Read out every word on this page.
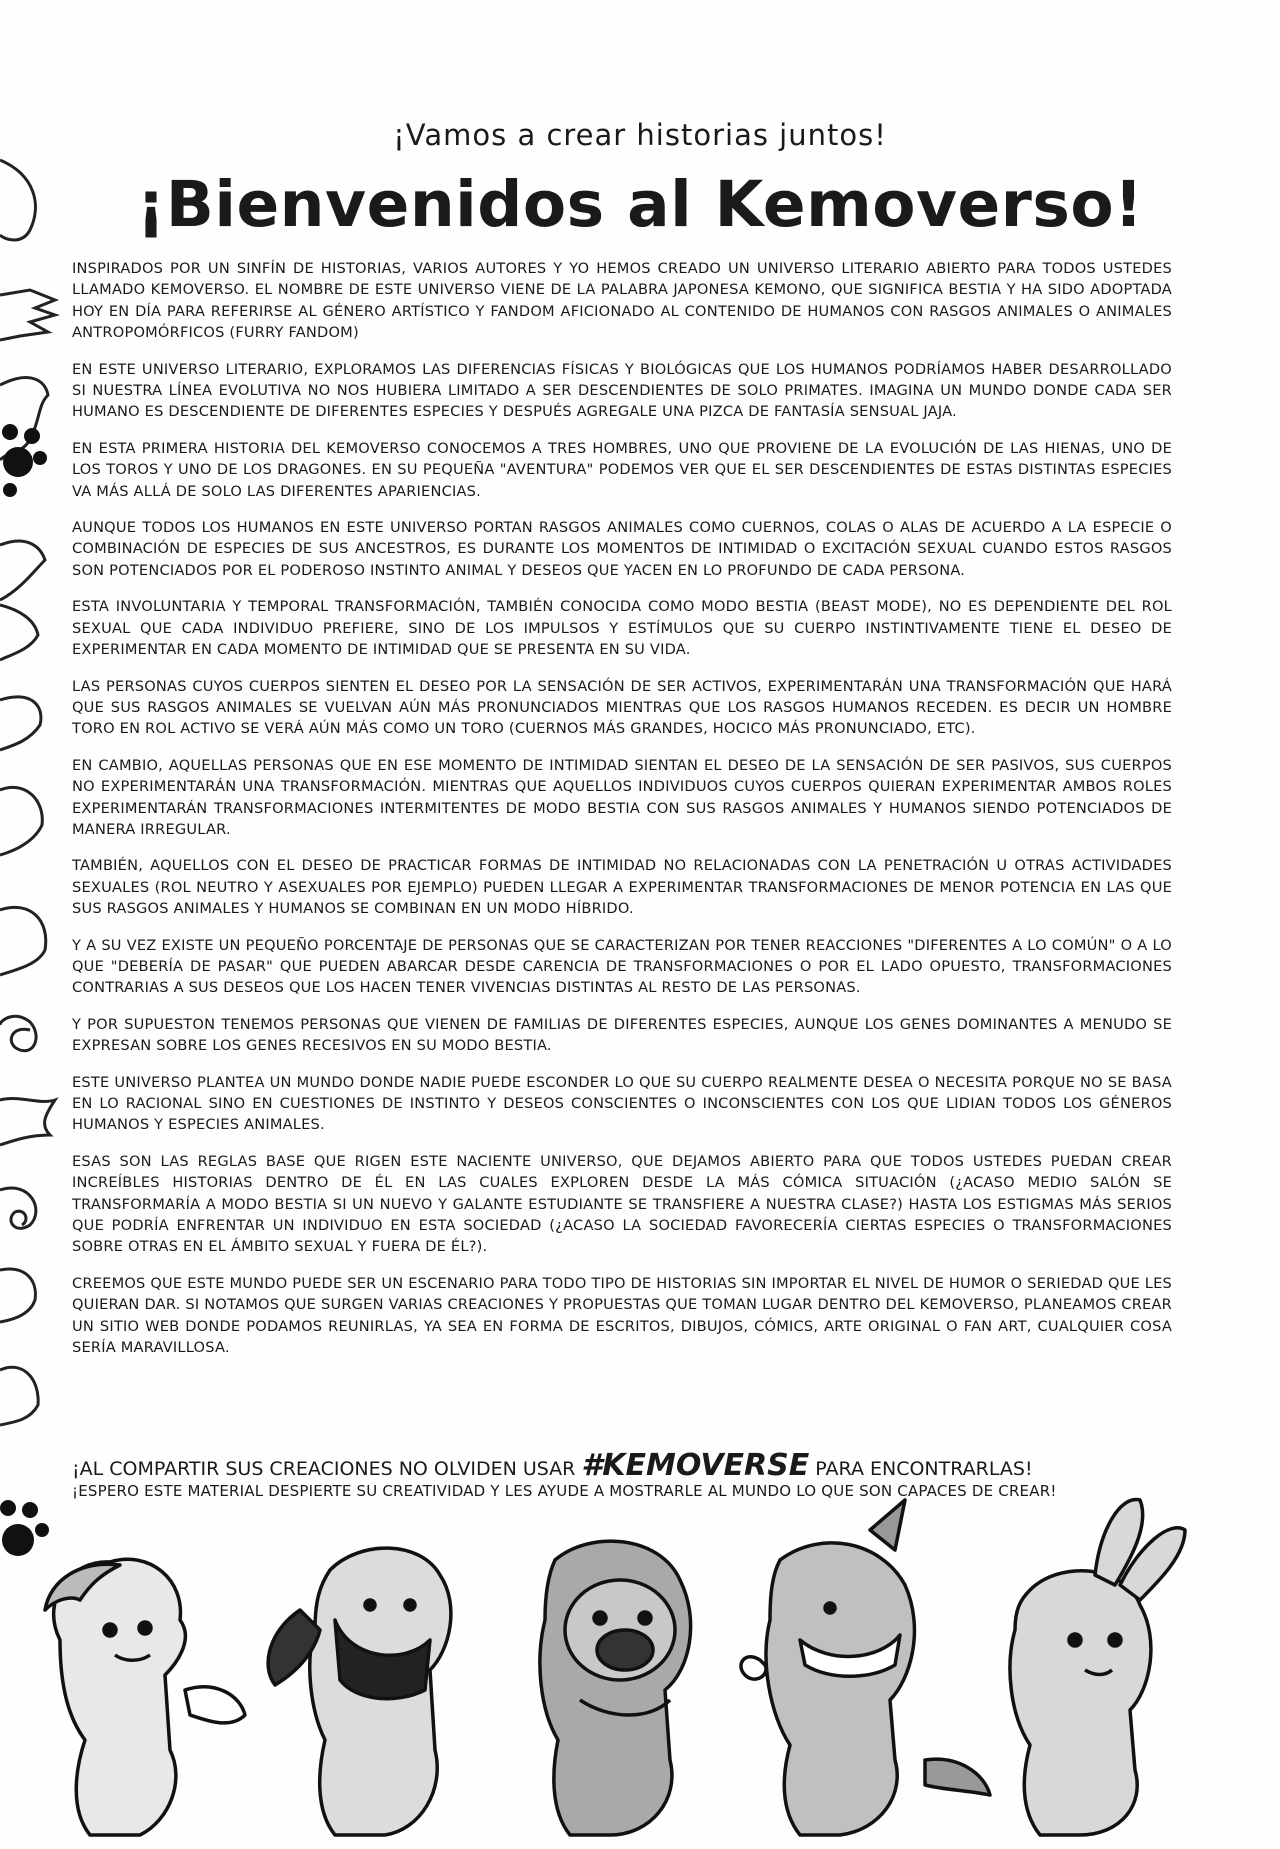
¡Vamos a crear historias juntos!
¡Bienvenidos al Kemoverso!

INSPIRADOS POR UN SINFÍN DE HISTORIAS, VARIOS AUTORES Y YO HEMOS CREADO UN UNIVERSO LITERARIO ABIERTO PARA TODOS USTEDES LLAMADO KEMOVERSO. EL NOMBRE DE ESTE UNIVERSO VIENE DE LA PALABRA JAPONESA KEMONO, QUE SIGNIFICA BESTIA Y HA SIDO ADOPTADA HOY EN DÍA PARA REFERIRSE AL GÉNERO ARTÍSTICO Y FANDOM AFICIONADO AL CONTENIDO DE HUMANOS CON RASGOS ANIMALES O ANIMALES ANTROPOMÓRFICOS (FURRY FANDOM)

EN ESTE UNIVERSO LITERARIO, EXPLORAMOS LAS DIFERENCIAS FÍSICAS Y BIOLÓGICAS QUE LOS HUMANOS PODRÍAMOS HABER DESARROLLADO SI NUESTRA LÍNEA EVOLUTIVA NO NOS HUBIERA LIMITADO A SER DESCENDIENTES DE SOLO PRIMATES. IMAGINA UN MUNDO DONDE CADA SER HUMANO ES DESCENDIENTE DE DIFERENTES ESPECIES Y DESPUÉS AGREGALE UNA PIZCA DE FANTASÍA SENSUAL JAJA.

EN ESTA PRIMERA HISTORIA DEL KEMOVERSO CONOCEMOS A TRES HOMBRES, UNO QUE PROVIENE DE LA EVOLUCIÓN DE LAS HIENAS, UNO DE LOS TOROS Y UNO DE LOS DRAGONES. EN SU PEQUEÑA "AVENTURA" PODEMOS VER QUE EL SER DESCENDIENTES DE ESTAS DISTINTAS ESPECIES VA MÁS ALLÁ DE SOLO LAS DIFERENTES APARIENCIAS.

AUNQUE TODOS LOS HUMANOS EN ESTE UNIVERSO PORTAN RASGOS ANIMALES COMO CUERNOS, COLAS O ALAS DE ACUERDO A LA ESPECIE O COMBINACIÓN DE ESPECIES DE SUS ANCESTROS, ES DURANTE LOS MOMENTOS DE INTIMIDAD O EXCITACIÓN SEXUAL CUANDO ESTOS RASGOS SON POTENCIADOS POR EL PODEROSO INSTINTO ANIMAL Y DESEOS QUE YACEN EN LO PROFUNDO DE CADA PERSONA.

ESTA INVOLUNTARIA Y TEMPORAL TRANSFORMACIÓN, TAMBIÉN CONOCIDA COMO MODO BESTIA (BEAST MODE), NO ES DEPENDIENTE DEL ROL SEXUAL QUE CADA INDIVIDUO PREFIERE, SINO DE LOS IMPULSOS Y ESTÍMULOS QUE SU CUERPO INSTINTIVAMENTE TIENE EL DESEO DE EXPERIMENTAR EN CADA MOMENTO DE INTIMIDAD QUE SE PRESENTA EN SU VIDA.

LAS PERSONAS CUYOS CUERPOS SIENTEN EL DESEO POR LA SENSACIÓN DE SER ACTIVOS, EXPERIMENTARÁN UNA TRANSFORMACIÓN QUE HARÁ QUE SUS RASGOS ANIMALES SE VUELVAN AÚN MÁS PRONUNCIADOS MIENTRAS QUE LOS RASGOS HUMANOS RECEDEN. ES DECIR UN HOMBRE TORO EN ROL ACTIVO SE VERÁ AÚN MÁS COMO UN TORO (CUERNOS MÁS GRANDES, HOCICO MÁS PRONUNCIADO, ETC).

EN CAMBIO, AQUELLAS PERSONAS QUE EN ESE MOMENTO DE INTIMIDAD SIENTAN EL DESEO DE LA SENSACIÓN DE SER PASIVOS, SUS CUERPOS NO EXPERIMENTARÁN UNA TRANSFORMACIÓN. MIENTRAS QUE AQUELLOS INDIVIDUOS CUYOS CUERPOS QUIERAN EXPERIMENTAR AMBOS ROLES EXPERIMENTARÁN TRANSFORMACIONES INTERMITENTES DE MODO BESTIA CON SUS RASGOS ANIMALES Y HUMANOS SIENDO POTENCIADOS DE MANERA IRREGULAR.

TAMBIÉN, AQUELLOS CON EL DESEO DE PRACTICAR FORMAS DE INTIMIDAD NO RELACIONADAS CON LA PENETRACIÓN U OTRAS ACTIVIDADES SEXUALES (ROL NEUTRO Y ASEXUALES POR EJEMPLO) PUEDEN LLEGAR A EXPERIMENTAR TRANSFORMACIONES DE MENOR POTENCIA EN LAS QUE SUS RASGOS ANIMALES Y HUMANOS SE COMBINAN EN UN MODO HÍBRIDO.

Y A SU VEZ EXISTE UN PEQUEÑO PORCENTAJE DE PERSONAS QUE SE CARACTERIZAN POR TENER REACCIONES "DIFERENTES A LO COMÚN" O A LO QUE "DEBERÍA DE PASAR" QUE PUEDEN ABARCAR DESDE CARENCIA DE TRANSFORMACIONES O POR EL LADO OPUESTO, TRANSFORMACIONES CONTRARIAS A SUS DESEOS QUE LOS HACEN TENER VIVENCIAS DISTINTAS AL RESTO DE LAS PERSONAS.

Y POR SUPUESTON TENEMOS PERSONAS QUE VIENEN DE FAMILIAS DE DIFERENTES ESPECIES, AUNQUE LOS GENES DOMINANTES A MENUDO SE EXPRESAN SOBRE LOS GENES RECESIVOS EN SU MODO BESTIA.

ESTE UNIVERSO PLANTEA UN MUNDO DONDE NADIE PUEDE ESCONDER LO QUE SU CUERPO REALMENTE DESEA O NECESITA PORQUE NO SE BASA EN LO RACIONAL SINO EN CUESTIONES DE INSTINTO Y DESEOS CONSCIENTES O INCONSCIENTES CON LOS QUE LIDIAN TODOS LOS GÉNEROS HUMANOS Y ESPECIES ANIMALES.

ESAS SON LAS REGLAS BASE QUE RIGEN ESTE NACIENTE UNIVERSO, QUE DEJAMOS ABIERTO PARA QUE TODOS USTEDES PUEDAN CREAR INCREÍBLES HISTORIAS DENTRO DE ÉL EN LAS CUALES EXPLOREN DESDE LA MÁS CÓMICA SITUACIÓN (¿ACASO MEDIO SALÓN SE TRANSFORMARÍA A MODO BESTIA SI UN NUEVO Y GALANTE ESTUDIANTE SE TRANSFIERE A NUESTRA CLASE?) HASTA LOS ESTIGMAS MÁS SERIOS QUE PODRÍA ENFRENTAR UN INDIVIDUO EN ESTA SOCIEDAD (¿ACASO LA SOCIEDAD FAVORECERÍA CIERTAS ESPECIES O TRANSFORMACIONES SOBRE OTRAS EN EL ÁMBITO SEXUAL Y FUERA DE ÉL?).

CREEMOS QUE ESTE MUNDO PUEDE SER UN ESCENARIO PARA TODO TIPO DE HISTORIAS SIN IMPORTAR EL NIVEL DE HUMOR O SERIEDAD QUE LES QUIERAN DAR. SI NOTAMOS QUE SURGEN VARIAS CREACIONES Y PROPUESTAS QUE TOMAN LUGAR DENTRO DEL KEMOVERSO, PLANEAMOS CREAR UN SITIO WEB DONDE PODAMOS REUNIRLAS, YA SEA EN FORMA DE ESCRITOS, DIBUJOS, CÓMICS, ARTE ORIGINAL O FAN ART, CUALQUIER COSA SERÍA MARAVILLOSA.

¡AL COMPARTIR SUS CREACIONES NO OLVIDEN USAR #KEMOVERSE PARA ENCONTRARLAS!
¡ESPERO ESTE MATERIAL DESPIERTE SU CREATIVIDAD Y LES AYUDE A MOSTRARLE AL MUNDO LO QUE SON CAPACES DE CREAR!
